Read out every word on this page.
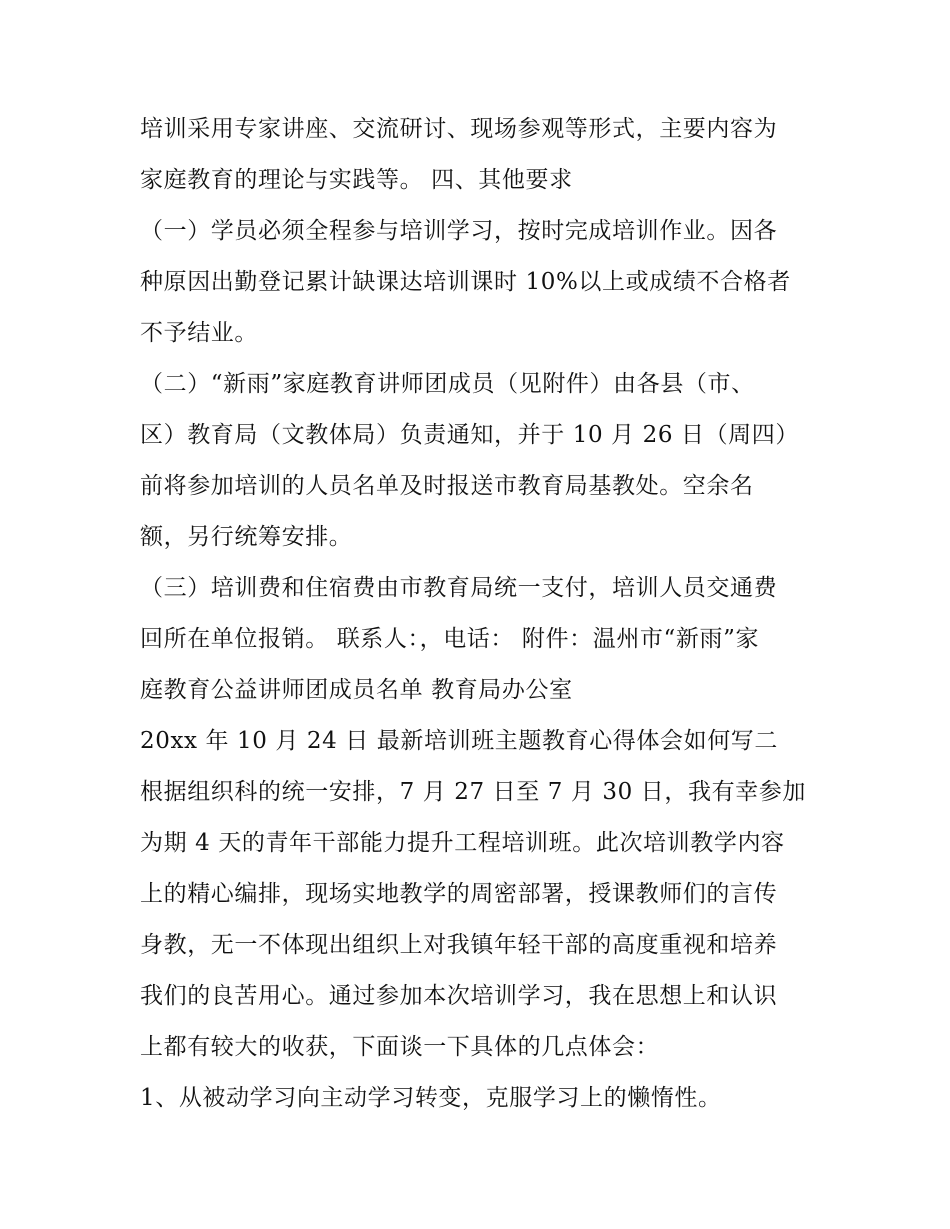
培训采用专家讲座、交流研讨、现场参观等形式，主要内容为

家庭教育的理论与实践等。 四、其他要求

（一）学员必须全程参与培训学习，按时完成培训作业。因各

种原因出勤登记累计缺课达培训课时 10%以上或成绩不合格者

不予结业。

（二）“新雨”家庭教育讲师团成员（见附件）由各县（市、

区）教育局（文教体局）负责通知，并于 10 月 26 日（周四）

前将参加培训的人员名单及时报送市教育局基教处。空余名

额，另行统筹安排。

（三）培训费和住宿费由市教育局统一支付，培训人员交通费

回所在单位报销。 联系人：，电话： 附件：温州市“新雨”家

庭教育公益讲师团成员名单 教育局办公室

20xx 年 10 月 24 日 最新培训班主题教育心得体会如何写二

根据组织科的统一安排，7 月 27 日至 7 月 30 日，我有幸参加

为期 4 天的青年干部能力提升工程培训班。此次培训教学内容

上的精心编排，现场实地教学的周密部署，授课教师们的言传

身教，无一不体现出组织上对我镇年轻干部的高度重视和培养

我们的良苦用心。通过参加本次培训学习，我在思想上和认识

上都有较大的收获，下面谈一下具体的几点体会：

1、从被动学习向主动学习转变，克服学习上的懒惰性。
